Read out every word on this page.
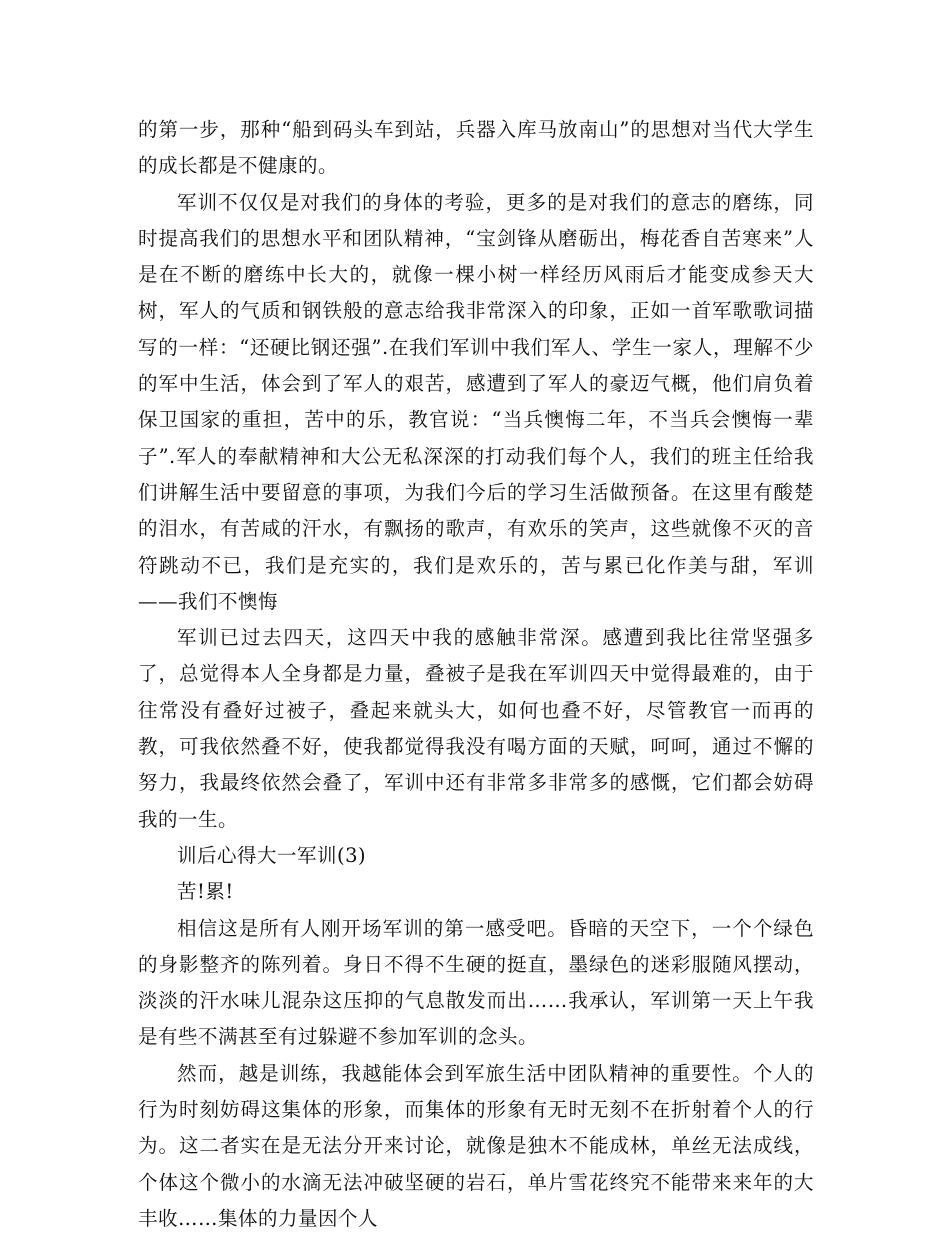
的第一步，那种“船到码头车到站，兵器入库马放南山”的思想对当代大学生的成长都是不健康的。

军训不仅仅是对我们的身体的考验，更多的是对我们的意志的磨练，同时提高我们的思想水平和团队精神，“宝剑锋从磨砺出，梅花香自苦寒来”人是在不断的磨练中长大的，就像一棵小树一样经历风雨后才能变成参天大树，军人的气质和钢铁般的意志给我非常深入的印象，正如一首军歌歌词描写的一样：“还硬比钢还强”.在我们军训中我们军人、学生一家人，理解不少的军中生活，体会到了军人的艰苦，感遭到了军人的豪迈气概，他们肩负着保卫国家的重担，苦中的乐，教官说：“当兵懊悔二年，不当兵会懊悔一辈子”.军人的奉献精神和大公无私深深的打动我们每个人，我们的班主任给我们讲解生活中要留意的事项，为我们今后的学习生活做预备。在这里有酸楚的泪水，有苦咸的汗水，有飘扬的歌声，有欢乐的笑声，这些就像不灭的音符跳动不已，我们是充实的，我们是欢乐的，苦与累已化作美与甜，军训——我们不懊悔

军训已过去四天，这四天中我的感触非常深。感遭到我比往常坚强多了，总觉得本人全身都是力量，叠被子是我在军训四天中觉得最难的，由于往常没有叠好过被子，叠起来就头大，如何也叠不好，尽管教官一而再的教，可我依然叠不好，使我都觉得我没有喝方面的天赋，呵呵，通过不懈的努力，我最终依然会叠了，军训中还有非常多非常多的感慨，它们都会妨碍我的一生。

训后心得大一军训(3)

苦!累!

相信这是所有人刚开场军训的第一感受吧。昏暗的天空下，一个个绿色的身影整齐的陈列着。身日不得不生硬的挺直，墨绿色的迷彩服随风摆动，淡淡的汗水味儿混杂这压抑的气息散发而出……我承认，军训第一天上午我是有些不满甚至有过躲避不参加军训的念头。

然而，越是训练，我越能体会到军旅生活中团队精神的重要性。个人的行为时刻妨碍这集体的形象，而集体的形象有无时无刻不在折射着个人的行为。这二者实在是无法分开来讨论，就像是独木不能成林，单丝无法成线，个体这个微小的水滴无法冲破坚硬的岩石，单片雪花终究不能带来来年的大丰收……集体的力量因个人
